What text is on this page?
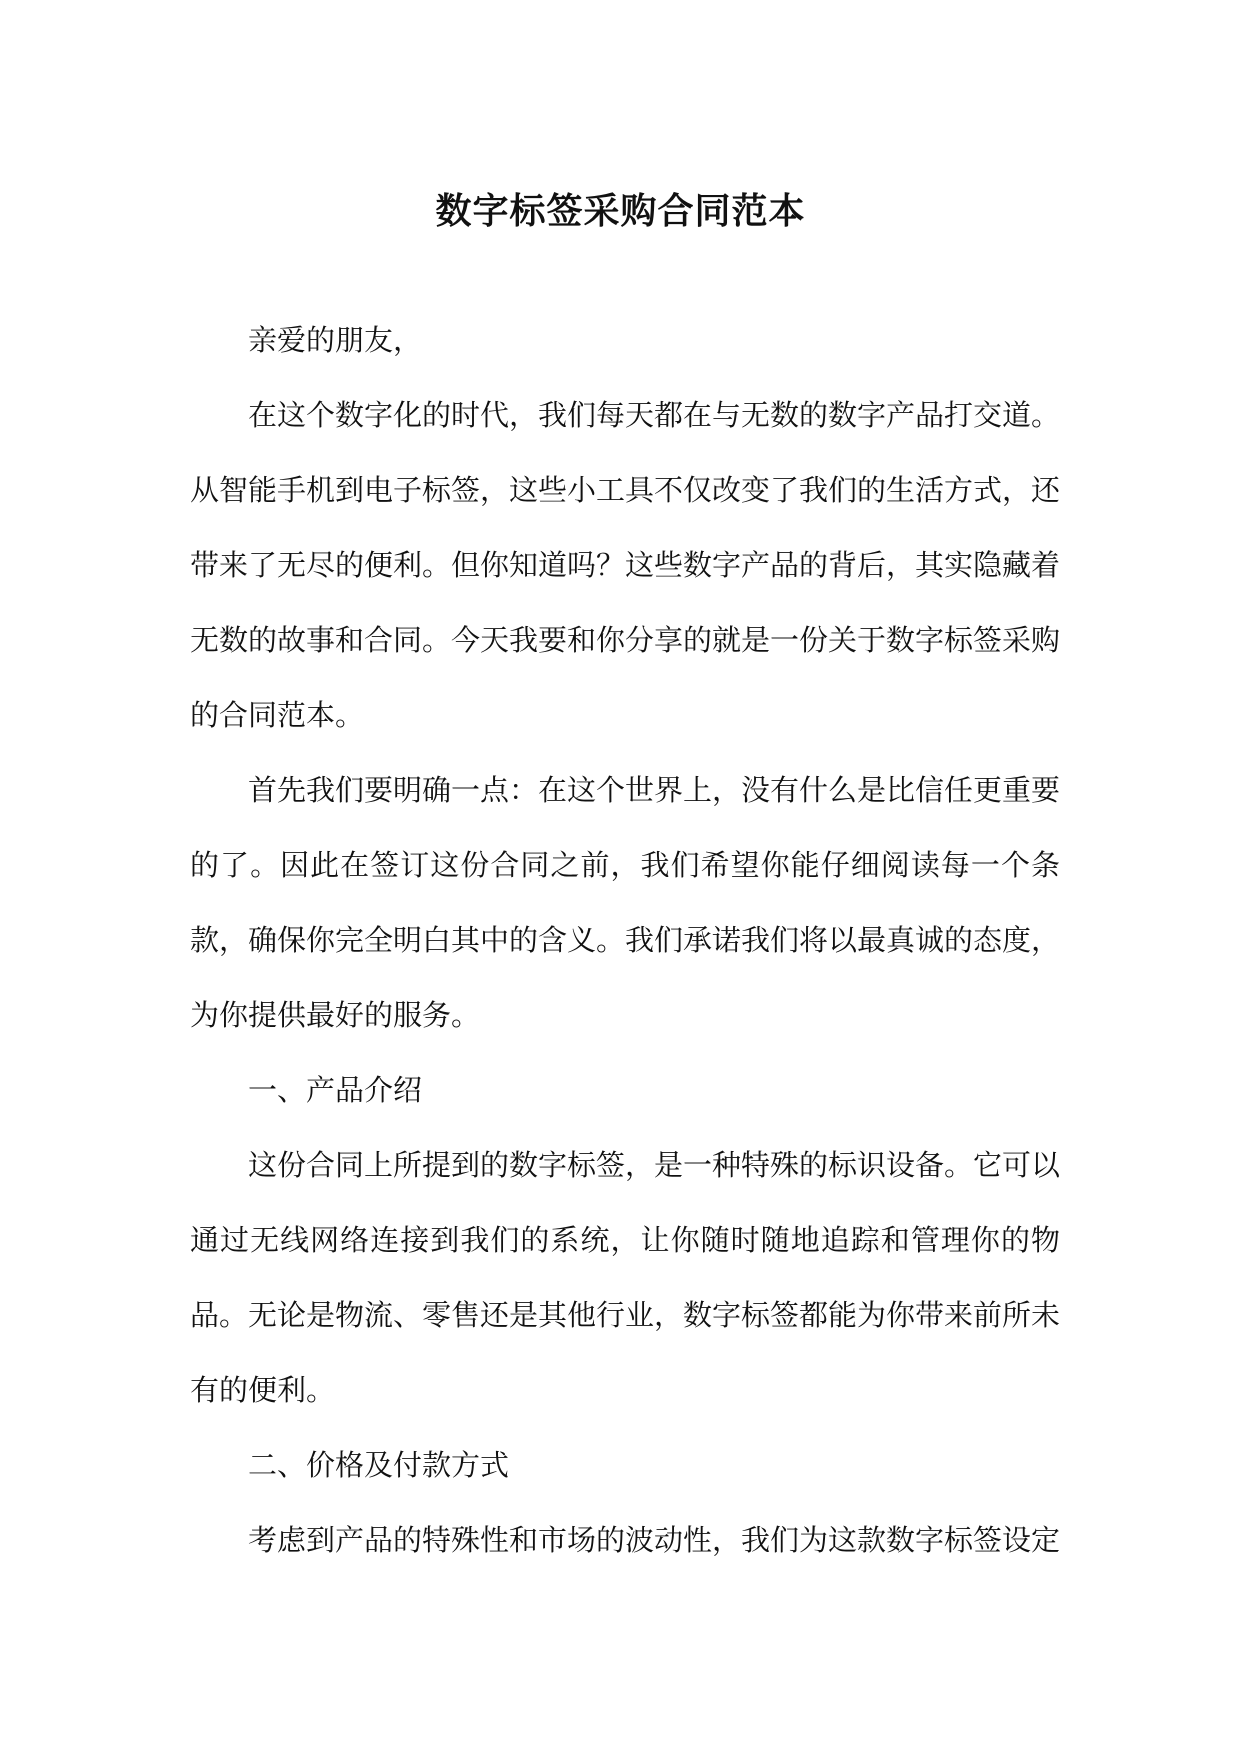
数字标签采购合同范本

亲爱的朋友，

在这个数字化的时代，我们每天都在与无数的数字产品打交道。从智能手机到电子标签，这些小工具不仅改变了我们的生活方式，还带来了无尽的便利。但你知道吗？这些数字产品的背后，其实隐藏着无数的故事和合同。今天我要和你分享的就是一份关于数字标签采购的合同范本。

首先我们要明确一点：在这个世界上，没有什么是比信任更重要的了。因此在签订这份合同之前，我们希望你能仔细阅读每一个条款，确保你完全明白其中的含义。我们承诺我们将以最真诚的态度，为你提供最好的服务。

一、产品介绍

这份合同上所提到的数字标签，是一种特殊的标识设备。它可以通过无线网络连接到我们的系统，让你随时随地追踪和管理你的物品。无论是物流、零售还是其他行业，数字标签都能为你带来前所未有的便利。

二、价格及付款方式

考虑到产品的特殊性和市场的波动性，我们为这款数字标签设定
